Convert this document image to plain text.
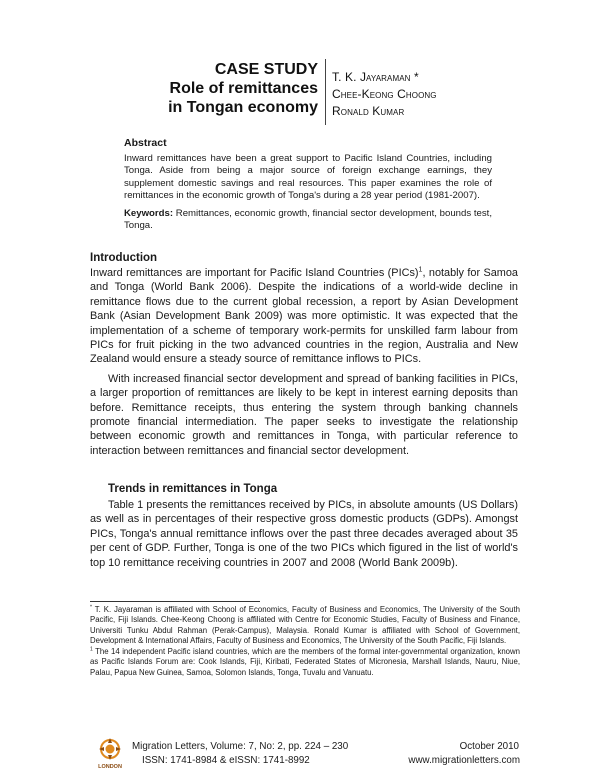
CASE STUDY
Role of remittances
in Tongan economy
T. K. Jayaraman *
Chee-Keong Choong
Ronald Kumar
Abstract
Inward remittances have been a great support to Pacific Island Countries, including Tonga. Aside from being a major source of foreign exchange earnings, they supplement domestic savings and real resources. This paper examines the role of remittances in the economic growth of Tonga's during a 28 year period (1981-2007).
Keywords: Remittances, economic growth, financial sector development, bounds test, Tonga.
Introduction

Inward remittances are important for Pacific Island Countries (PICs)$^1$, notably for Samoa and Tonga (World Bank 2006). Despite the indications of a world-wide decline in remittance flows due to the current global recession, a report by Asian Development Bank (Asian Development Bank 2009) was more optimistic. It was expected that the implementation of a scheme of temporary work-permits for unskilled farm labour from PICs for fruit picking in the two advanced countries in the region, Australia and New Zealand would ensure a steady source of remittance inflows to PICs.

With increased financial sector development and spread of banking facilities in PICs, a larger proportion of remittances are likely to be kept in interest earning deposits than before. Remittance receipts, thus entering the system through banking channels promote financial intermediation. The paper seeks to investigate the relationship between economic growth and remittances in Tonga, with particular reference to interaction between remittances and financial sector development.

Trends in remittances in Tonga

Table 1 presents the remittances received by PICs, in absolute amounts (US Dollars) as well as in percentages of their respective gross domestic products (GDPs). Amongst PICs, Tonga's annual remittance inflows over the past three decades averaged about 35 per cent of GDP. Further, Tonga is one of the two PICs which figured in the list of world's top 10 remittance receiving countries in 2007 and 2008 (World Bank 2009b).

* T. K. Jayaraman is affiliated with School of Economics, Faculty of Business and Economics, The University of the South Pacific, Fiji Islands. Chee-Keong Choong is affiliated with Centre for Economic Studies, Faculty of Business and Finance, Universiti Tunku Abdul Rahman (Perak-Campus), Malaysia. Ronald Kumar is affiliated with School of Government, Development & International Affairs, Faculty of Business and Economics, The University of the South Pacific, Fiji Islands.
$^1$ The 14 independent Pacific island countries, which are the members of the formal inter-governmental organization, known as Pacific Islands Forum are: Cook Islands, Fiji, Kiribati, Federated States of Micronesia, Marshall Islands, Nauru, Niue, Palau, Papua New Guinea, Samoa, Solomon Islands, Tonga, Tuvalu and Vanuatu.
LONDON
Migration Letters, Volume: 7, No: 2, pp. 224 – 230
ISSN: 1741-8984 & eISSN: 1741-8992
October 2010
www.migrationletters.com
